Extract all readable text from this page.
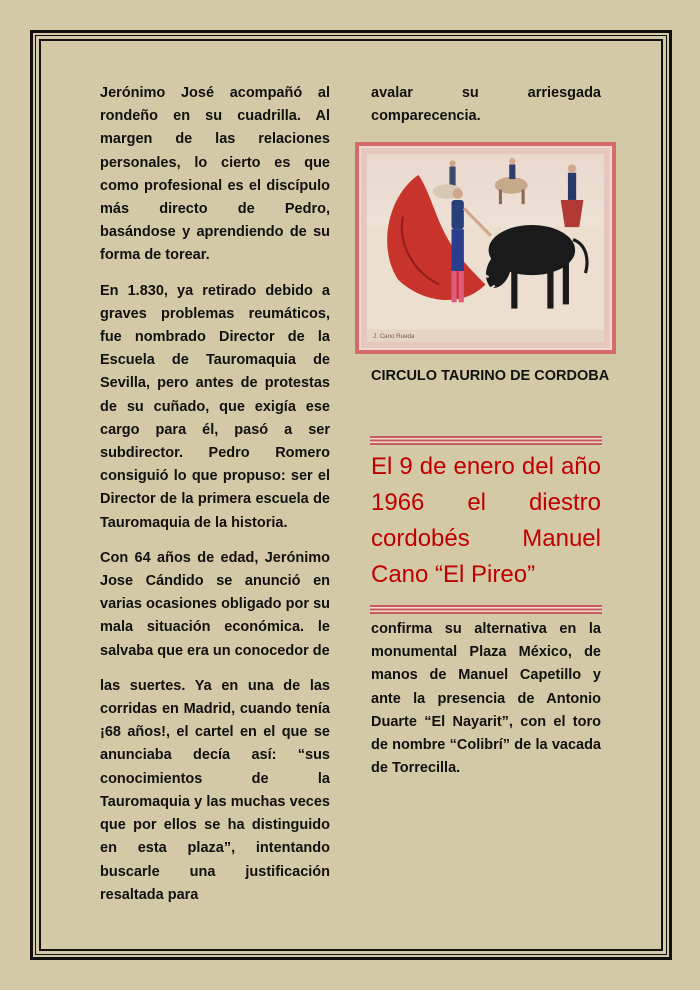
Jerónimo José acompañó al rondeño en su cuadrilla. Al margen de las relaciones personales, lo cierto es que como profesional es el discípulo más directo de Pedro, basándose y aprendiendo de su forma de torear.

En 1.830, ya retirado debido a graves problemas reumáticos, fue nombrado Director de la Escuela de Tauromaquia de Sevilla, pero antes de protestas de su cuñado, que exigía ese cargo para él, pasó a ser subdirector. Pedro Romero consiguió lo que propuso: ser el Director de la primera escuela de Tauromaquia de la historia.

Con 64 años de edad, Jerónimo Jose Cándido se anunció en varias ocasiones obligado por su mala situación económica. le salvaba que era un conocedor de

las suertes. Ya en una de las corridas en Madrid, cuando tenía ¡68 años!, el cartel en el que se anunciaba decía así: “sus conocimientos de la Tauromaquia y las muchas veces que por ellos se ha distinguido en esta plaza”, intentando buscarle una justificación resaltada para

avalar su arriesgada
comparecencia.
J. Cano Rueda
CIRCULO TAURINO DE CORDOBA
El 9 de enero del año
1966 el diestro
cordobés Manuel
Cano “El Pireo”
confirma su alternativa en la monumental Plaza México, de manos de Manuel Capetillo y ante la presencia de Antonio Duarte “El Nayarit”, con el toro de nombre “Colibrí” de la vacada de Torrecilla.
